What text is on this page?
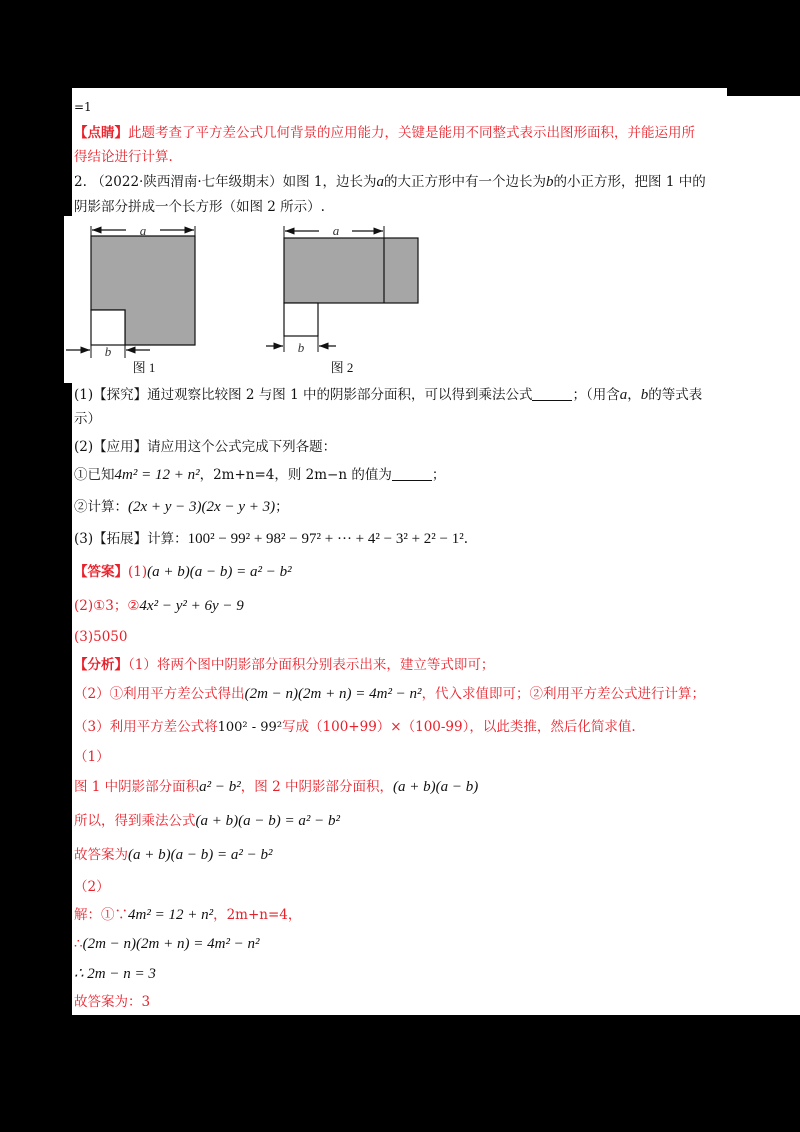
=1
【点睛】此题考查了平方差公式几何背景的应用能力，关键是能用不同整式表示出图形面积，并能运用所
得结论进行计算.
2. （2022·陕西渭南·七年级期末）如图 1，边长为a的大正方形中有一个边长为b的小正方形，把图 1 中的
阴影部分拼成一个长方形（如图 2 所示）.
a
b
图 1
a
b
图 2
(1)【探究】通过观察比较图 2 与图 1 中的阴影部分面积，可以得到乘法公式	；（用含a，b的等式表
示）
(2)【应用】请应用这个公式完成下列各题：
①已知4m² = 12 + n²，2m+n=4，则 2m−n 的值为	；
②计算：(2x + y − 3)(2x − y + 3)；
(3)【拓展】计算：100² − 99² + 98² − 97² + ··· + 4² − 3² + 2² − 1².
【答案】(1)(a + b)(a − b) = a² − b²
(2)①3；②4x² − y² + 6y − 9
(3)5050
【分析】（1）将两个图中阴影部分面积分别表示出来，建立等式即可；
（2）①利用平方差公式得出(2m − n)(2m + n) = 4m² − n²，代入求值即可；②利用平方差公式进行计算；
（3）利用平方差公式将100² - 99²写成（100+99）×（100-99），以此类推，然后化简求值.
（1）
图 1 中阴影部分面积a² − b²，图 2 中阴影部分面积，(a + b)(a − b)
所以，得到乘法公式(a + b)(a − b) = a² − b²
故答案为(a + b)(a − b) = a² − b²
（2）
解：①∵4m² = 12 + n²，2m+n=4，
∴(2m − n)(2m + n) = 4m² − n²
∴ 2m − n = 3
故答案为：3
